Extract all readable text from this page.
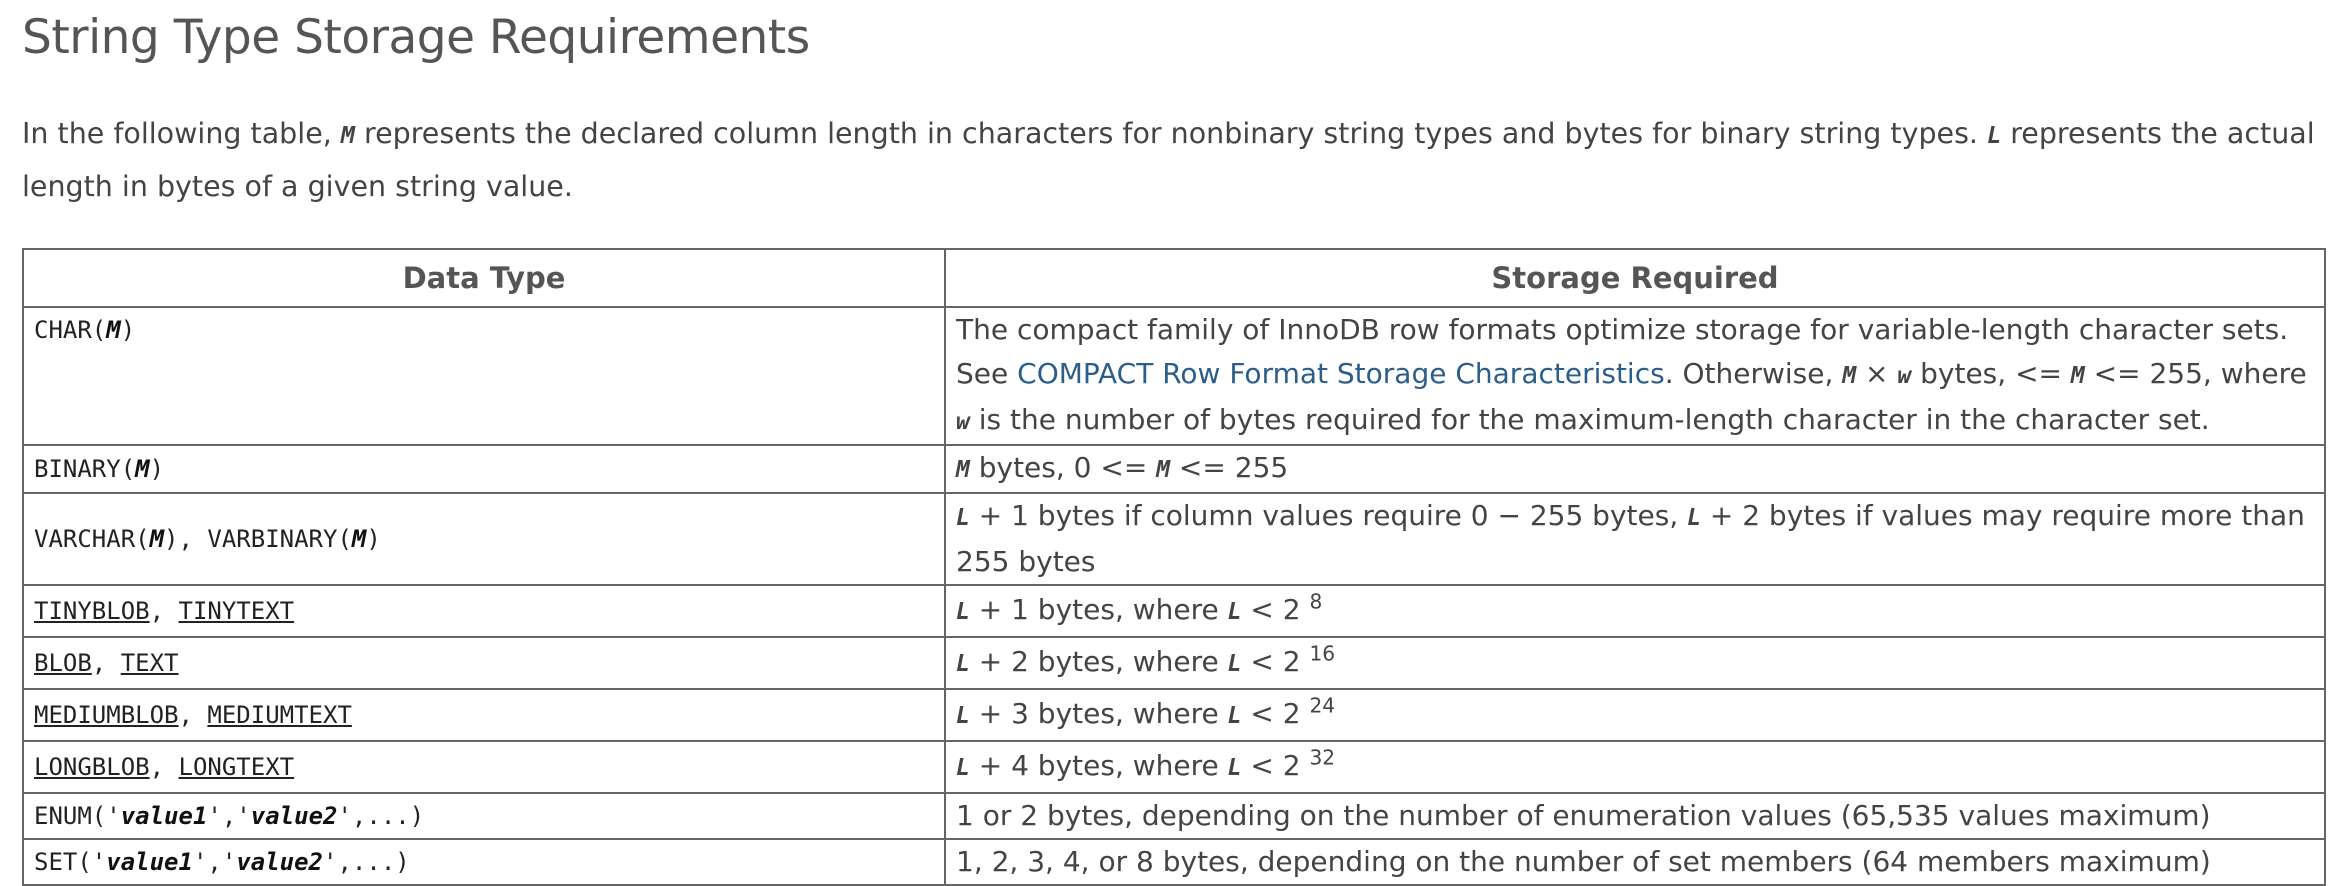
String Type Storage Requirements

In the following table, M represents the declared column length in characters for nonbinary string types and bytes for binary string types. L represents the actual length in bytes of a given string value.

Data Type	Storage Required
CHAR(M)	The compact family of InnoDB row formats optimize storage for variable-length character sets. See COMPACT Row Format Storage Characteristics. Otherwise, M × w bytes, <= M <= 255, where w is the number of bytes required for the maximum-length character in the character set.
BINARY(M)	M bytes, 0 <= M <= 255
VARCHAR(M), VARBINARY(M)	L + 1 bytes if column values require 0 − 255 bytes, L + 2 bytes if values may require more than 255 bytes
TINYBLOB, TINYTEXT	L + 1 bytes, where L < 2 $^8$
BLOB, TEXT	L + 2 bytes, where L < 2 $^{16}$
MEDIUMBLOB, MEDIUMTEXT	L + 3 bytes, where L < 2 $^{24}$
LONGBLOB, LONGTEXT	L + 4 bytes, where L < 2 $^{32}$
ENUM('value1','value2',...)	1 or 2 bytes, depending on the number of enumeration values (65,535 values maximum)
SET('value1','value2',...)	1, 2, 3, 4, or 8 bytes, depending on the number of set members (64 members maximum)
